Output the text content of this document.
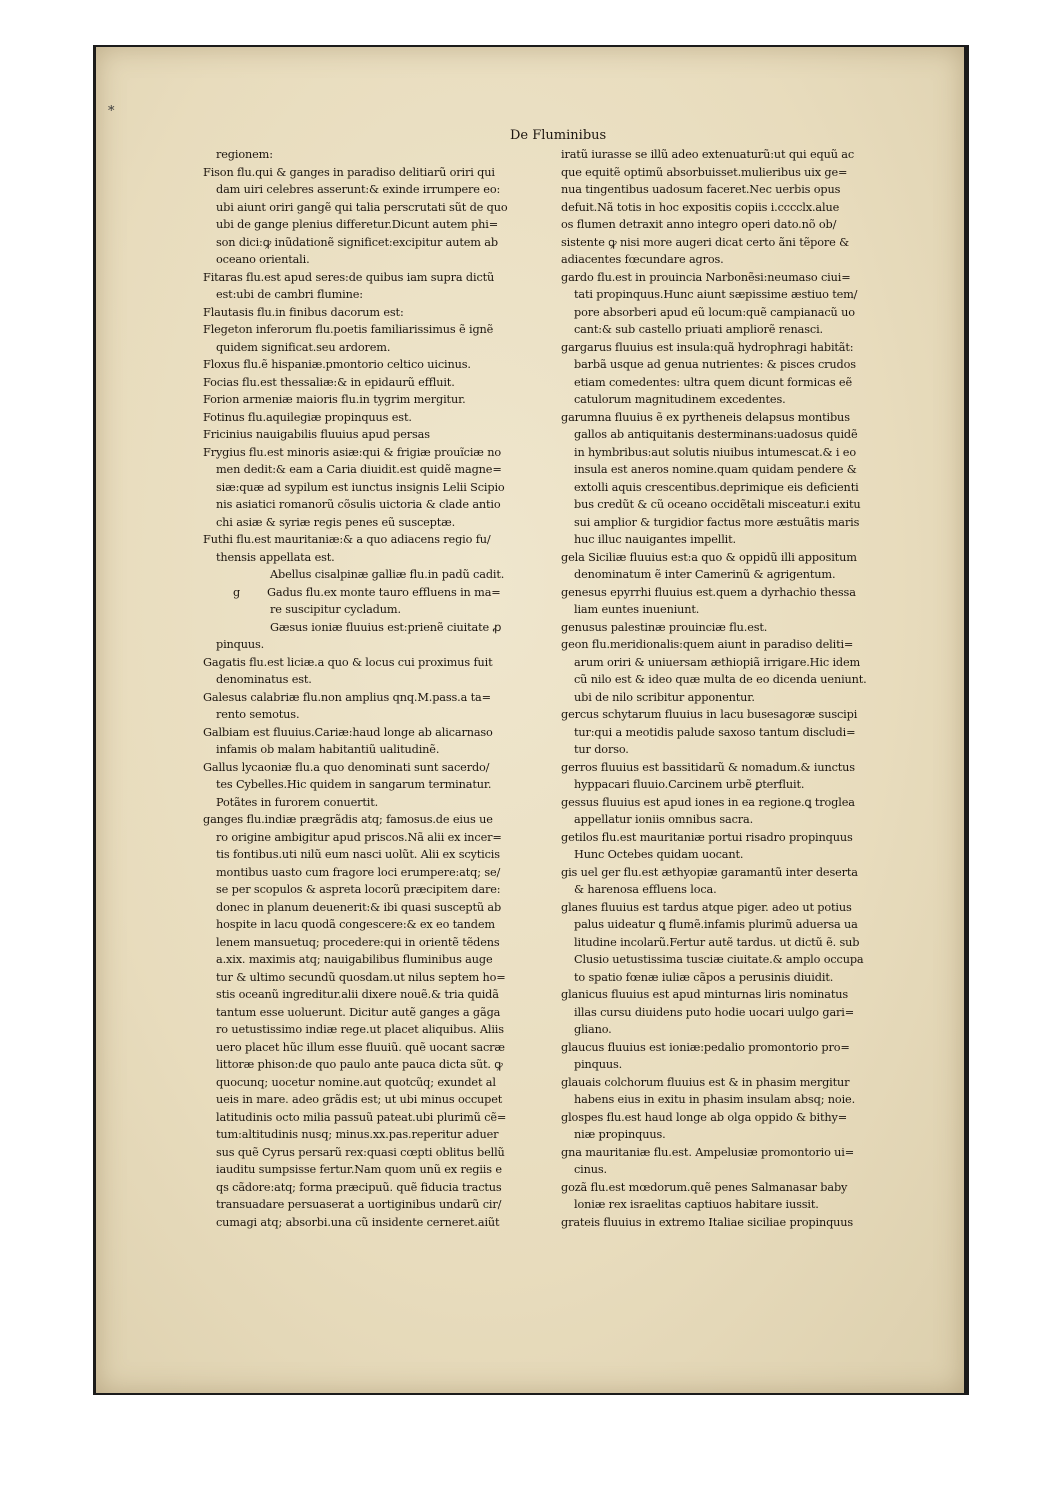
*
De Fluminibus
regionem:
Fison flu.qui & ganges in paradiso delitiarũ oriri qui
dam uiri celebres asserunt:& exinde irrumpere eo:
ubi aiunt oriri gangẽ qui talia perscrutati sũt de quo
ubi de gange plenius differetur.Dicunt autem phi=
son dici:ꝙ inũdationẽ significet:excipitur autem ab
oceano orientali.
Fitaras flu.est apud seres:de quibus iam supra dictũ
est:ubi de cambri flumine:
Flautasis flu.in finibus dacorum est:
Flegeton inferorum flu.poetis familiarissimus ẽ ignẽ
quidem significat.seu ardorem.
Floxus flu.ẽ hispaniæ.pmontorio celtico uicinus.
Focias flu.est thessaliæ:& in epidaurũ effluit.
Forion armeniæ maioris flu.in tygrim mergitur.
Fotinus flu.aquilegiæ propinquus est.
Fricinius nauigabilis fluuius apud persas
Frygius flu.est minoris asiæ:qui & frigiæ prouĩciæ no
men dedit:& eam a Caria diuidit.est quidẽ magne=
siæ:quæ ad sypilum est iunctus insignis Lelii Scipio
nis asiatici romanorũ cõsulis uictoria & clade antio
chi asiæ & syriæ regis penes eũ susceptæ.
Futhi flu.est mauritaniæ:& a quo adiacens regio fu/
thensis appellata est.
Abellus cisalpinæ galliæ flu.in padũ cadit.
g Gadus flu.ex monte tauro effluens in ma=
re suscipitur cycladum.
Gæsus ioniæ fluuius est:prienẽ ciuitate ꝓ
pinquus.
Gagatis flu.est liciæ.a quo & locus cui proximus fuit
denominatus est.
Galesus calabriæ flu.non amplius qnq.M.pass.a ta=
rento semotus.
Galbiam est fluuius.Cariæ:haud longe ab alicarnaso
infamis ob malam habitantiũ ualitudinẽ.
Gallus lycaoniæ flu.a quo denominati sunt sacerdo/
tes Cybelles.Hic quidem in sangarum terminatur.
Potãtes in furorem conuertit.
ganges flu.indiæ prægrãdis atq; famosus.de eius ue
ro origine ambigitur apud priscos.Nã alii ex incer=
tis fontibus.uti nilũ eum nasci uolũt. Alii ex scyticis
montibus uasto cum fragore loci erumpere:atq; se/
se per scopulos & aspreta locorũ præcipitem dare:
donec in planum deuenerit:& ibi quasi susceptũ ab
hospite in lacu quodã congescere:& ex eo tandem
lenem mansuetuq; procedere:qui in orientẽ tẽdens
a.xix. maximis atq; nauigabilibus fluminibus auge
tur & ultimo secundũ quosdam.ut nilus septem ho=
stis oceanũ ingreditur.alii dixere nouẽ.& tria quidã
tantum esse uoluerunt. Dicitur autẽ ganges a gãga
ro uetustissimo indiæ rege.ut placet aliquibus. Aliis
uero placet hũc illum esse fluuiũ. quẽ uocant sacræ
littoræ phison:de quo paulo ante pauca dicta sũt. ꝙ
quocunq; uocetur nomine.aut quotcũq; exundet al
ueis in mare. adeo grãdis est; ut ubi minus occupet
latitudinis octo milia passuũ pateat.ubi plurimũ cẽ=
tum:altitudinis nusq; minus.xx.pas.reperitur aduer
sus quẽ Cyrus persarũ rex:quasi cœpti oblitus bellũ
iauditu sumpsisse fertur.Nam quom unũ ex regiis e
qs cãdore:atq; forma præcipuũ. quẽ fiducia tractus
transuadare persuaserat a uortiginibus undarũ cir/
cumagi atq; absorbi.una cũ insidente cerneret.aiũt
iratũ iurasse se illũ adeo extenuaturũ:ut qui equũ ac
que equitẽ optimũ absorbuisset.mulieribus uix ge=
nua tingentibus uadosum faceret.Nec uerbis opus
defuit.Nã totis in hoc expositis copiis i.cccclx.alue
os flumen detraxit anno integro operi dato.nõ ob/
sistente ꝙ nisi more augeri dicat certo ãni tẽpore &
adiacentes fœcundare agros.
gardo flu.est in prouincia Narbonẽsi:neumaso ciui=
tati propinquus.Hunc aiunt sæpissime æstiuo tem/
pore absorberi apud eũ locum:quẽ campianacũ uo
cant:& sub castello priuati ampliorẽ renasci.
gargarus fluuius est insula:quã hydrophragi habitãt:
barbã usque ad genua nutrientes: & pisces crudos
etiam comedentes: ultra quem dicunt formicas eẽ
catulorum magnitudinem excedentes.
garumna fluuius ẽ ex pyrtheneis delapsus montibus
gallos ab antiquitanis desterminans:uadosus quidẽ
in hymbribus:aut solutis niuibus intumescat.& i eo
insula est aneros nomine.quam quidam pendere &
extolli aquis crescentibus.deprimique eis deficienti
bus credũt & cũ oceano occidẽtali misceatur.i exitu
sui amplior & turgidior factus more æstuãtis maris
huc illuc nauigantes impellit.
gela Siciliæ fluuius est:a quo & oppidũ illi appositum
denominatum ẽ inter Camerinũ & agrigentum.
genesus epyrrhi fluuius est.quem a dyrhachio thessa
liam euntes inueniunt.
genusus palestinæ prouinciæ flu.est.
geon flu.meridionalis:quem aiunt in paradiso deliti=
arum oriri & uniuersam æthiopiã irrigare.Hic idem
cũ nilo est & ideo quæ multa de eo dicenda ueniunt.
ubi de nilo scribitur apponentur.
gercus schytarum fluuius in lacu busesagoræ suscipi
tur:qui a meotidis palude saxoso tantum discludi=
tur dorso.
gerros fluuius est bassitidarũ & nomadum.& iunctus
hyppacari fluuio.Carcinem urbẽ ꝑterfluit.
gessus fluuius est apud iones in ea regione.ꝗ troglea
appellatur ioniis omnibus sacra.
getilos flu.est mauritaniæ portui risadro propinquus
Hunc Octebes quidam uocant.
gis uel ger flu.est æthyopiæ garamantũ inter deserta
& harenosa effluens loca.
glanes fluuius est tardus atque piger. adeo ut potius
palus uideatur ꝗ flumẽ.infamis plurimũ aduersa ua
litudine incolarũ.Fertur autẽ tardus. ut dictũ ẽ. sub
Clusio uetustissima tusciæ ciuitate.& amplo occupa
to spatio fœnæ iuliæ cãpos a perusinis diuidit.
glanicus fluuius est apud minturnas liris nominatus
illas cursu diuidens puto hodie uocari uulgo gari=
gliano.
glaucus fluuius est ioniæ:pedalio promontorio pro=
pinquus.
glauais colchorum fluuius est & in phasim mergitur
habens eius in exitu in phasim insulam absq; noie.
glospes flu.est haud longe ab olga oppido & bithy=
niæ propinquus.
gna mauritaniæ flu.est. Ampelusiæ promontorio ui=
cinus.
gozã flu.est mœdorum.quẽ penes Salmanasar baby
loniæ rex israelitas captiuos habitare iussit.
grateis fluuius in extremo Italiae siciliae propinquus
